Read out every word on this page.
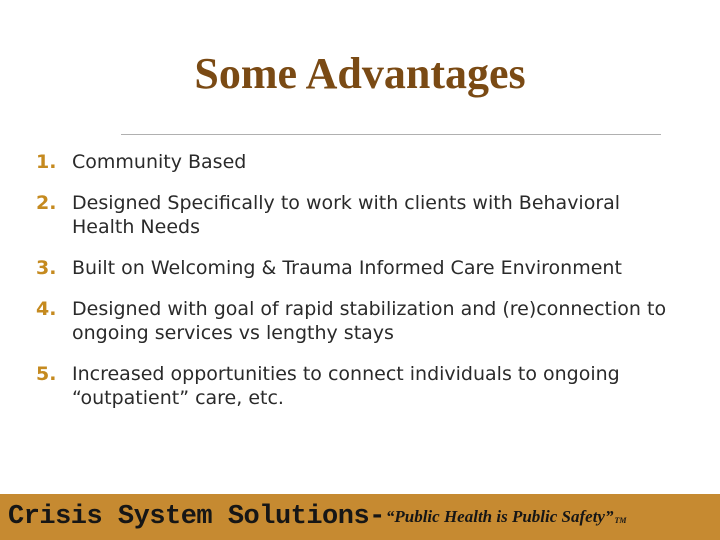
Some Advantages
1. Community Based
2. Designed Specifically to work with clients with Behavioral Health Needs
3. Built on Welcoming & Trauma Informed Care Environment
4. Designed with goal of rapid stabilization and (re)connection to ongoing services vs lengthy stays
5. Increased opportunities to connect individuals to ongoing “outpatient” care, etc.
Crisis System Solutions- “Public Health is Public Safety” TM
